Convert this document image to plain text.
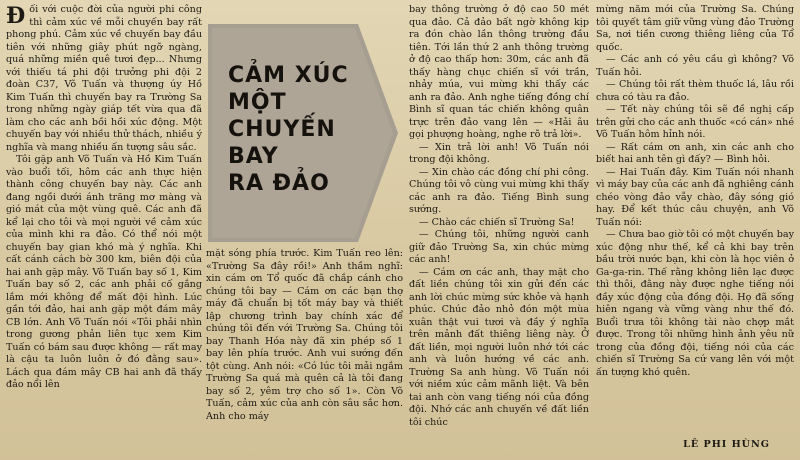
Đ ối với cuộc đời của người phi công thì cảm xúc về mỗi chuyến bay rất phong phú. Cảm xúc về chuyến bay đầu tiên với những giây phút ngỡ ngàng, quá những miền quê tươi đẹp... Nhưng với thiếu tá phi đội trưởng phi đội 2 đoàn C37, Võ Tuấn và thượng úy Hồ Kim Tuấn thì chuyến bay ra Trường Sa trong những ngày giáp tết vừa qua đã làm cho các anh bồi hồi xúc động. Một chuyến bay với nhiều thử thách, nhiều ý nghĩa và mang nhiều ấn tượng sâu sắc.

Tôi gặp anh Võ Tuấn và Hồ Kim Tuấn vào buổi tối, hôm các anh thực hiện thành công chuyến bay này. Các anh đang ngồi dưới ánh trăng mơ màng và gió mát của một vùng quê. Các anh đã kể lại cho tôi và mọi người về cảm xúc của mình khi ra đảo. Có thể nói một chuyến bay gian khó mà ý nghĩa. Khi cất cánh cách bờ 300 km, biên đội của hai anh gặp mây. Võ Tuấn bay số 1, Kim Tuấn bay số 2, các anh phải cố gắng lắm mới không để mất đội hình. Lúc gần tới đảo, hai anh gặp một đám mây CB lớn. Anh Võ Tuấn nói «Tôi phải nhìn trong gương phản liên tục xem Kim Tuấn có bám sau được không — rất may là cậu ta luôn luôn ở đó đằng sau». Lách qua đám mây CB hai anh đã thấy đảo nổi lên

CẢM XÚC
MỘT
CHUYẾN
BAY
RA ĐẢO

mặt sóng phía trước. Kim Tuấn reo lên: «Trường Sa đây rồi!» Anh thầm nghĩ: xin cám ơn Tổ quốc đã chắp cánh cho chúng tôi bay — Cám ơn các bạn thợ máy đã chuẩn bị tốt máy bay và thiết lập chương trình bay chính xác để chúng tôi đến với Trường Sa. Chúng tôi bay Thanh Hóa này đã xin phép số 1 bay lên phía trước. Anh vui sướng đến tột cùng. Anh nói: «Có lúc tôi mải ngắm Trường Sa quá mà quên cả là tôi đang bay số 2, yêm trợ cho số 1». Còn Võ Tuấn, cảm xúc của anh còn sâu sắc hơn. Anh cho máy

bay thông trường ở độ cao 50 mét qua đảo. Cả đảo bất ngờ không kịp ra đón chào lần thông trường đầu tiên. Tới lần thứ 2 anh thông trường ở độ cao thấp hơn: 30m, các anh đã thấy hàng chục chiến sĩ với trần, nhảy múa, vui mừng khi thấy các anh ra đảo. Anh nghe tiếng đồng chí Bình sĩ quan tác chiến không quân trực trên đảo vang lên — «Hải âu gọi phượng hoàng, nghe rõ trả lời».

— Xin trả lời anh! Võ Tuấn nói trong đội không.

— Xin chào các đồng chí phi công. Chúng tôi vô cùng vui mừng khi thấy các anh ra đảo. Tiếng Bình sung sướng.

— Chào các chiến sĩ Trường Sa!

— Chúng tôi, những người canh giữ đảo Trường Sa, xin chúc mừng các anh!

— Cám ơn các anh, thay mặt cho đất liền chúng tôi xin gửi đến các anh lời chúc mừng sức khỏe và hạnh phúc. Chúc đảo nhỏ đón một mùa xuân thật vui tươi và đầy ý nghĩa trên mảnh đất thiêng liêng này. Ở đất liền, mọi người luôn nhớ tới các anh và luôn hướng về các anh. Trường Sa anh hùng. Võ Tuấn nói với niềm xúc cảm mãnh liệt. Và bên tai anh còn vang tiếng nói của đồng đội. Nhớ các anh chuyến về đất liền tôi chúc

mừng năm mới của Trường Sa. Chúng tôi quyết tâm giữ vững vùng đảo Trường Sa, nơi tiền cương thiêng liêng của Tổ quốc.

— Các anh có yêu cầu gì không? Võ Tuấn hỏi.

— Chúng tôi rất thèm thuốc lá, lâu rồi chưa có tàu ra đảo.

— Tết này chúng tôi sẽ đề nghị cấp trên gửi cho các anh thuốc «có cán» nhé Võ Tuấn hôm hỉnh nói.

— Rất cám ơn anh, xin các anh cho biết hai anh tên gì đấy? — Bình hỏi.

— Hai Tuấn đây. Kim Tuấn nói nhanh vì máy bay của các anh đã nghiêng cánh chéo vòng đảo vẫy chào, đây sóng gió hay. Để kết thúc câu chuyện, anh Võ Tuấn nói:

— Chưa bao giờ tôi có một chuyến bay xúc động như thế, kể cả khi bay trên bầu trời nước bạn, khi còn là học viên ở Ga-ga-rin. Thế rằng không liên lạc được thì thôi, đằng này được nghe tiếng nói đầy xúc động của đồng đội. Họ đã sống hiên ngang và vững vàng như thế đó. Buổi trưa tôi không tài nào chợp mắt được. Trong tôi những hình ảnh yêu nữ trong của đồng đội, tiếng nói của các chiến sĩ Trường Sa cứ vang lên với một ấn tượng khó quên.

LÊ PHI HÙNG
